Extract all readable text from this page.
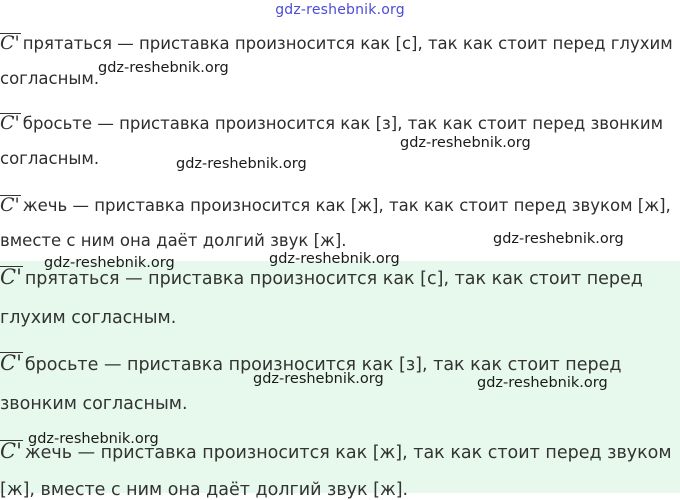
gdz-reshebnik.org
C' прятаться — приставка произносится как [с], так как стоит перед глухим
согласным.
C' бросьте — приставка произносится как [з], так как стоит перед звонким
согласным.
C' жечь — приставка произносится как [ж], так как стоит перед звуком [ж],
вместе с ним она даёт долгий звук [ж].
C' прятаться — приставка произносится как [с], так как стоит перед
глухим согласным.
C' бросьте — приставка произносится как [з], так как стоит перед
звонким согласным.
C' жечь — приставка произносится как [ж], так как стоит перед звуком
[ж], вместе с ним она даёт долгий звук [ж].
gdz-reshebnik.org
gdz-reshebnik.org
gdz-reshebnik.org
gdz-reshebnik.org
gdz-reshebnik.org	gdz-reshebnik.org
gdz-reshebnik.org	gdz-reshebnik.org
gdz-reshebnik.org
